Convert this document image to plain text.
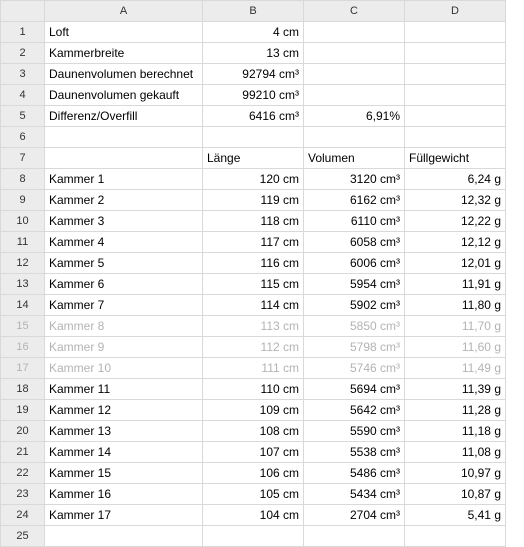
	A	B	C	D
1	Loft	4 cm		
2	Kammerbreite	13 cm		
3	Daunenvolumen berechnet	92794 cm³		
4	Daunenvolumen gekauft	99210 cm³		
5	Differenz/Overfill	6416 cm³	6,91%	
6				
7		Länge	Volumen	Füllgewicht
8	Kammer 1	120 cm	3120 cm³	6,24 g
9	Kammer 2	119 cm	6162 cm³	12,32 g
10	Kammer 3	118 cm	6110 cm³	12,22 g
11	Kammer 4	117 cm	6058 cm³	12,12 g
12	Kammer 5	116 cm	6006 cm³	12,01 g
13	Kammer 6	115 cm	5954 cm³	11,91 g
14	Kammer 7	114 cm	5902 cm³	11,80 g
15	Kammer 8	113 cm	5850 cm³	11,70 g
16	Kammer 9	112 cm	5798 cm³	11,60 g
17	Kammer 10	111 cm	5746 cm³	11,49 g
18	Kammer 11	110 cm	5694 cm³	11,39 g
19	Kammer 12	109 cm	5642 cm³	11,28 g
20	Kammer 13	108 cm	5590 cm³	11,18 g
21	Kammer 14	107 cm	5538 cm³	11,08 g
22	Kammer 15	106 cm	5486 cm³	10,97 g
23	Kammer 16	105 cm	5434 cm³	10,87 g
24	Kammer 17	104 cm	2704 cm³	5,41 g
25				
